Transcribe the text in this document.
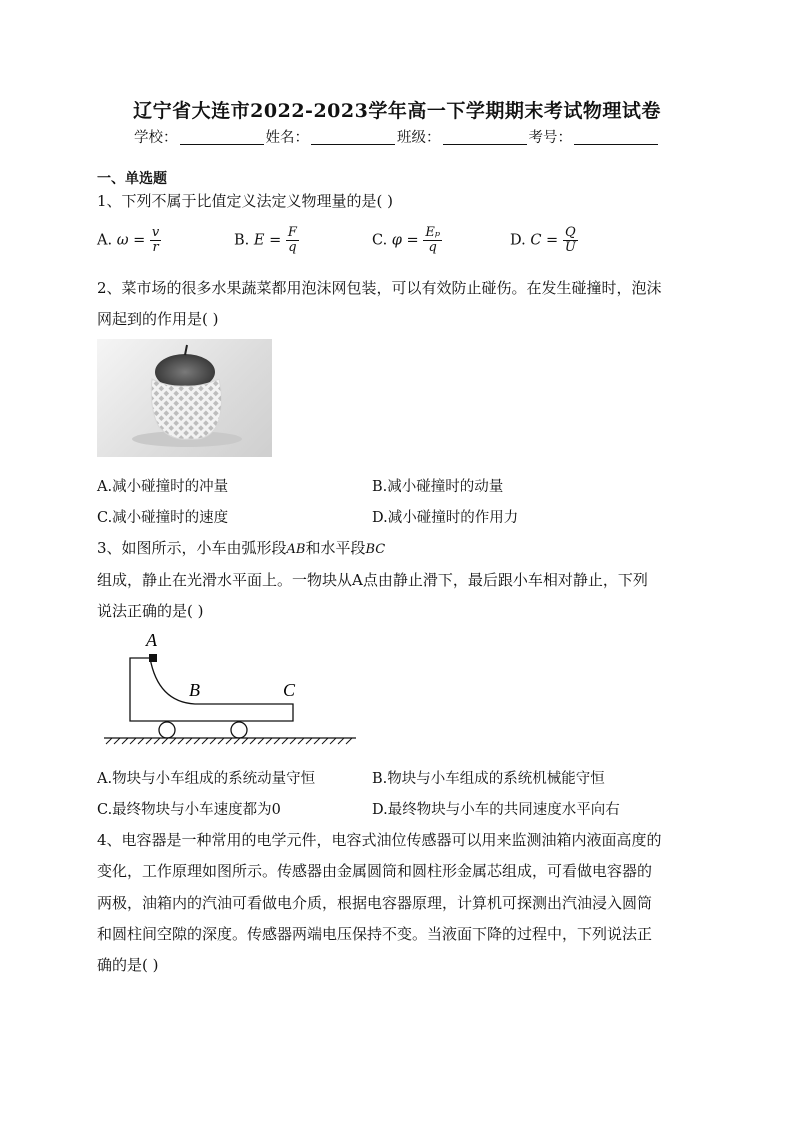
辽宁省大连市2022-2023学年高一下学期期末考试物理试卷
学校：	姓名：	班级：	考号：
一、单选题
1、下列不属于比值定义法定义物理量的是( )
A. $\omega = \frac{v}{r}$	B. $E = \frac{F}{q}$	C. $\varphi = \frac{\text{Eₚ}}{q}$	D. $C = \frac{Q}{U}$
2、菜市场的很多水果蔬菜都用泡沫网包装，可以有效防止碰伤。在发生碰撞时，泡沫
网起到的作用是( )
A.减小碰撞时的冲量	B.减小碰撞时的动量
C.减小碰撞时的速度	D.减小碰撞时的作用力
3、如图所示，小车由弧形段AB和水平段BC
组成，静止在光滑水平面上。一物块从A点由静止滑下，最后跟小车相对静止，下列
说法正确的是( )
A
B	C
A.物块与小车组成的系统动量守恒	B.物块与小车组成的系统机械能守恒
C.最终物块与小车速度都为0	D.最终物块与小车的共同速度水平向右
4、电容器是一种常用的电学元件，电容式油位传感器可以用来监测油箱内液面高度的
变化，工作原理如图所示。传感器由金属圆筒和圆柱形金属芯组成，可看做电容器的
两极，油箱内的汽油可看做电介质，根据电容器原理，计算机可探测出汽油浸入圆筒
和圆柱间空隙的深度。传感器两端电压保持不变。当液面下降的过程中，下列说法正
确的是( )
